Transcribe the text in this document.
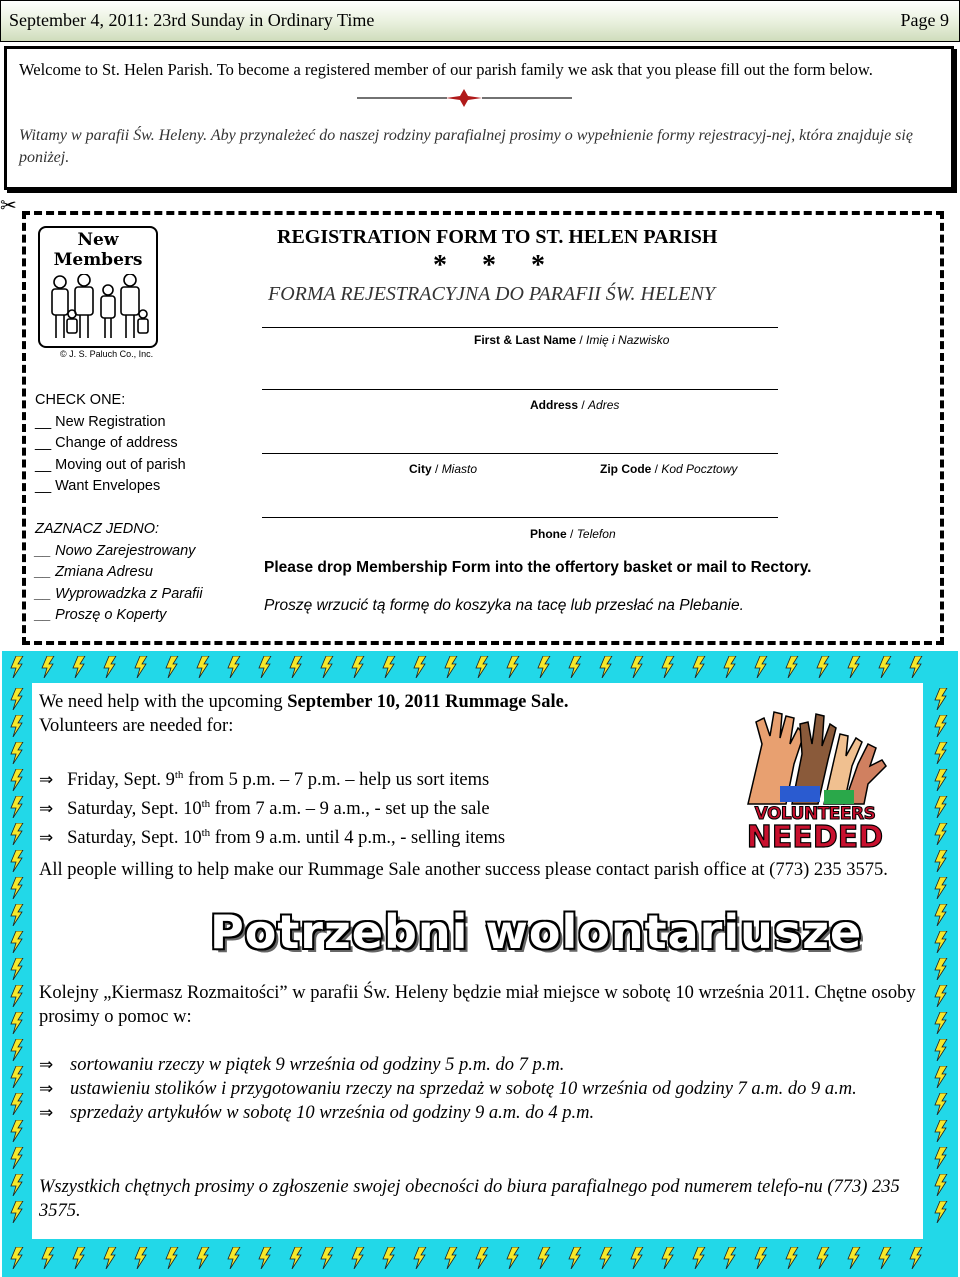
September 4, 2011: 23rd Sunday in Ordinary Time	Page 9
Welcome to St. Helen Parish. To become a registered member of our parish family we ask that you please fill out the form below.
Witamy w parafii Św. Heleny. Aby przynależeć do naszej rodziny parafialnej prosimy o wypełnienie formy rejestracyj-nej, która znajduje się poniżej.
✂
New
Members
© J. S. Paluch Co., Inc.
REGISTRATION FORM TO ST. HELEN PARISH
* * *
FORMA REJESTRACYJNA DO PARAFII ŚW. HELENY
First & Last Name / Imię i Nazwisko
Address / Adres
City / Miasto	Zip Code / Kod Pocztowy
Phone / Telefon
CHECK ONE:
__ New Registration
__ Change of address
__ Moving out of parish
__ Want Envelopes
ZAZNACZ JEDNO:
__ Nowo Zarejestrowany
__ Zmiana Adresu
__ Wyprowadzka z Parafii
__ Proszę o Koperty
Please drop Membership Form into the offertory basket or mail to Rectory.
Proszę wrzucić tą formę do koszyka na tacę lub przesłać na Plebanie.
We need help with the upcoming September 10, 2011 Rummage Sale.
Volunteers are needed for:
⇒ Friday, Sept. 9th from 5 p.m. – 7 p.m. – help us sort items
⇒ Saturday, Sept. 10th from 7 a.m. – 9 a.m., - set up the sale
⇒ Saturday, Sept. 10th from 9 a.m. until 4 p.m., - selling items
VOLUNTEERS
NEEDED
All people willing to help make our Rummage Sale another success please contact parish office at (773) 235 3575.
Potrzebni wolontariusze
Kolejny „Kiermasz Rozmaitości” w parafii Św. Heleny będzie miał miejsce w sobotę 10 września 2011. Chętne osoby prosimy o pomoc w:
⇒ sortowaniu rzeczy w piątek 9 września od godziny 5 p.m. do 7 p.m.
⇒ ustawieniu stolików i przygotowaniu rzeczy na sprzedaż w sobotę 10 września od godziny 7 a.m. do 9 a.m.
⇒ sprzedaży artykułów w sobotę 10 września od godziny 9 a.m. do 4 p.m.
Wszystkich chętnych prosimy o zgłoszenie swojej obecności do biura parafialnego pod numerem telefo-nu (773) 235 3575.
